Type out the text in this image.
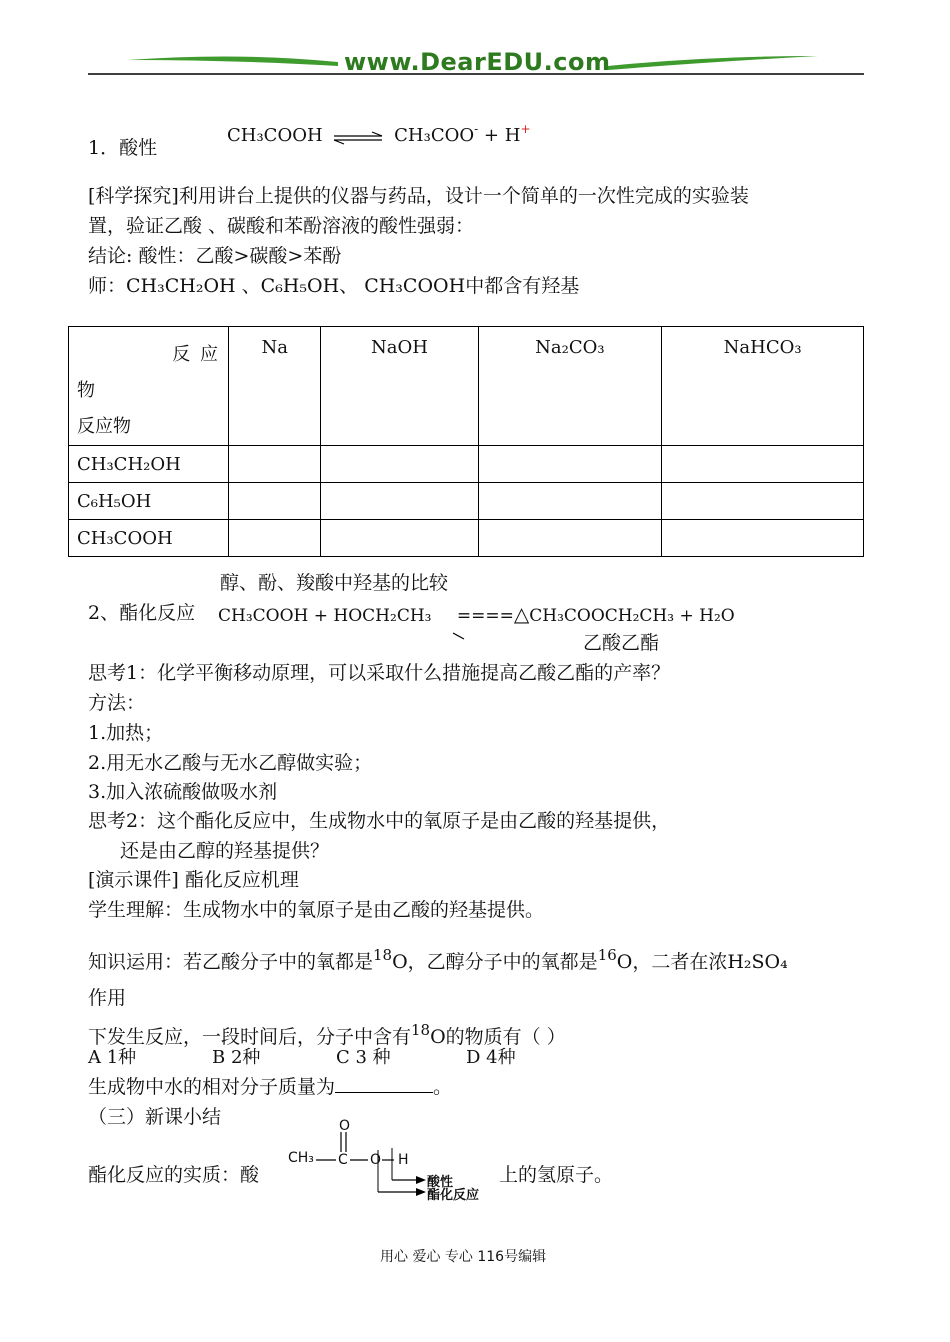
www.DearEDU.com
1．酸性
CH₃COOH ⇌ CH₃COO- + H+
[科学探究]利用讲台上提供的仪器与药品，设计一个简单的一次性完成的实验装
置，验证乙酸 、碳酸和苯酚溶液的酸性强弱：
结论: 酸性：乙酸>碳酸>苯酚
师：CH₃CH₂OH 、C₆H₅OH、 CH₃COOH中都含有羟基
反 应
物
反应物	Na	NaOH	Na₂CO₃	NaHCO₃
CH₃CH₂OH				
C₆H₅OH				
CH₃COOH				
醇、酚、羧酸中羟基的比较
2、酯化反应 CH₃COOH + HOCH₂CH₃ ====△CH₃COOCH₂CH₃ + H₂O
乙酸乙酯
思考1：化学平衡移动原理，可以采取什么措施提高乙酸乙酯的产率？
方法：
1.加热；
2.用无水乙酸与无水乙醇做实验；
3.加入浓硫酸做吸水剂
思考2：这个酯化反应中，生成物水中的氧原子是由乙酸的羟基提供，
还是由乙醇的羟基提供？
[演示课件] 酯化反应机理
学生理解：生成物水中的氧原子是由乙酸的羟基提供。
知识运用：若乙酸分子中的氧都是$^{18}$O，乙醇分子中的氧都是$^{16}$O，二者在浓H₂SO₄
作用
下发生反应，一段时间后，分子中含有$^{18}$O的物质有（ ）
A 1种	B 2种	C 3 种	D 4种
生成物中水的相对分子质量为	。
（三）新课小结
酯化反应的实质：酸	上的氢原子。
CH₃
O
C O H
酸性
酯化反应
用心 爱心 专心 116号编辑
